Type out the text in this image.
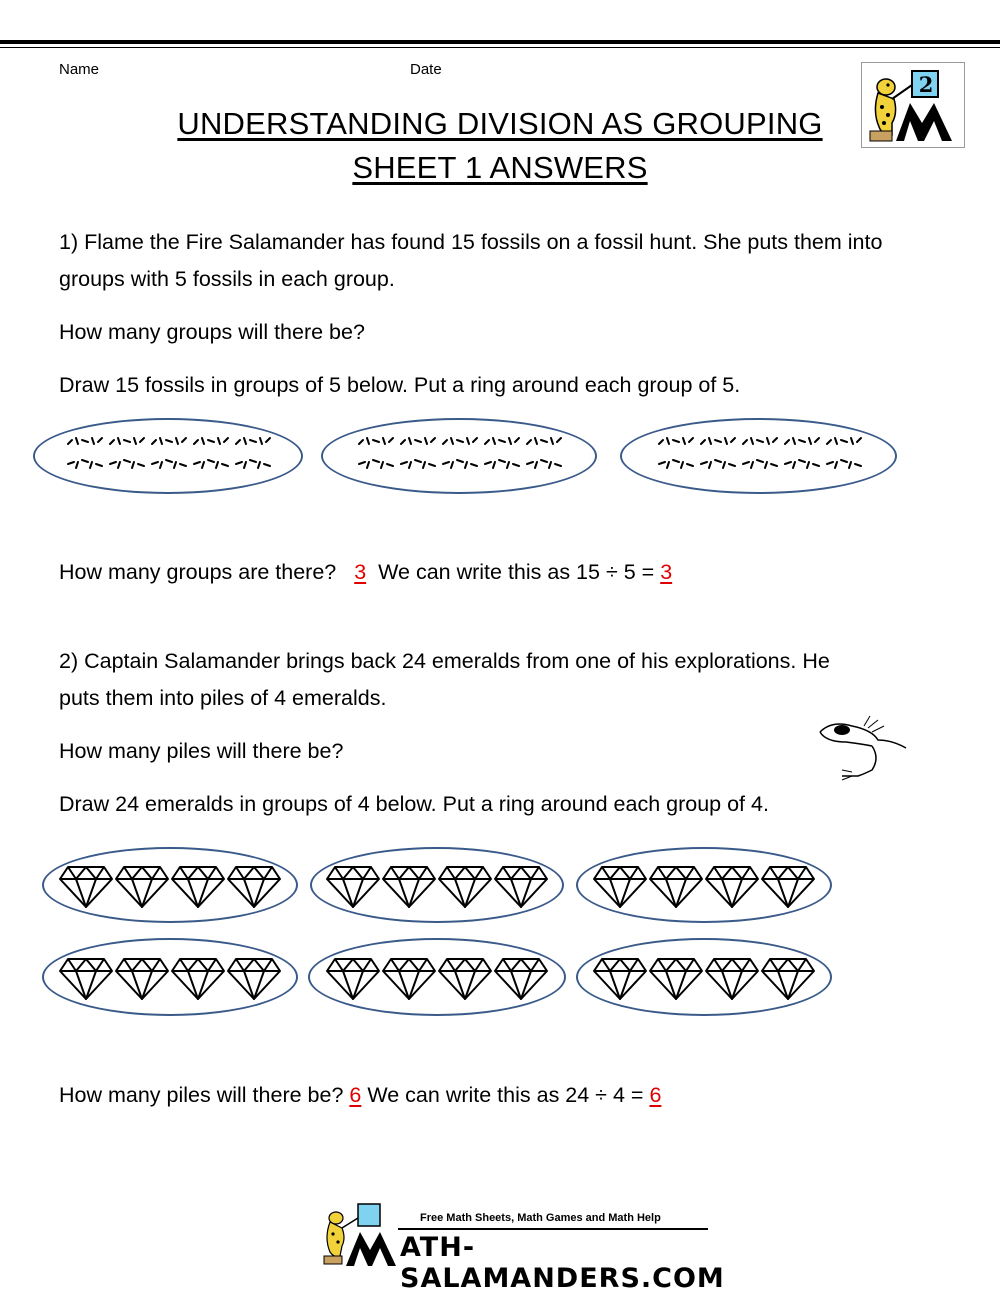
Name	Date
2
UNDERSTANDING DIVISION AS GROUPING
SHEET 1 ANSWERS
1) Flame the Fire Salamander has found 15 fossils on a fossil hunt. She puts them into groups with 5 fossils in each group.
How many groups will there be?
Draw 15 fossils in groups of 5 below. Put a ring around each group of 5.
How many groups are there? 3 We can write this as 15 ÷ 5 = 3
2) Captain Salamander brings back 24 emeralds from one of his explorations. He
puts them into piles of 4 emeralds.
How many piles will there be?
Draw 24 emeralds in groups of 4 below. Put a ring around each group of 4.
How many piles will there be? 6 We can write this as 24 ÷ 4 = 6
Free Math Sheets, Math Games and Math Help
ATH-SALAMANDERS.COM
